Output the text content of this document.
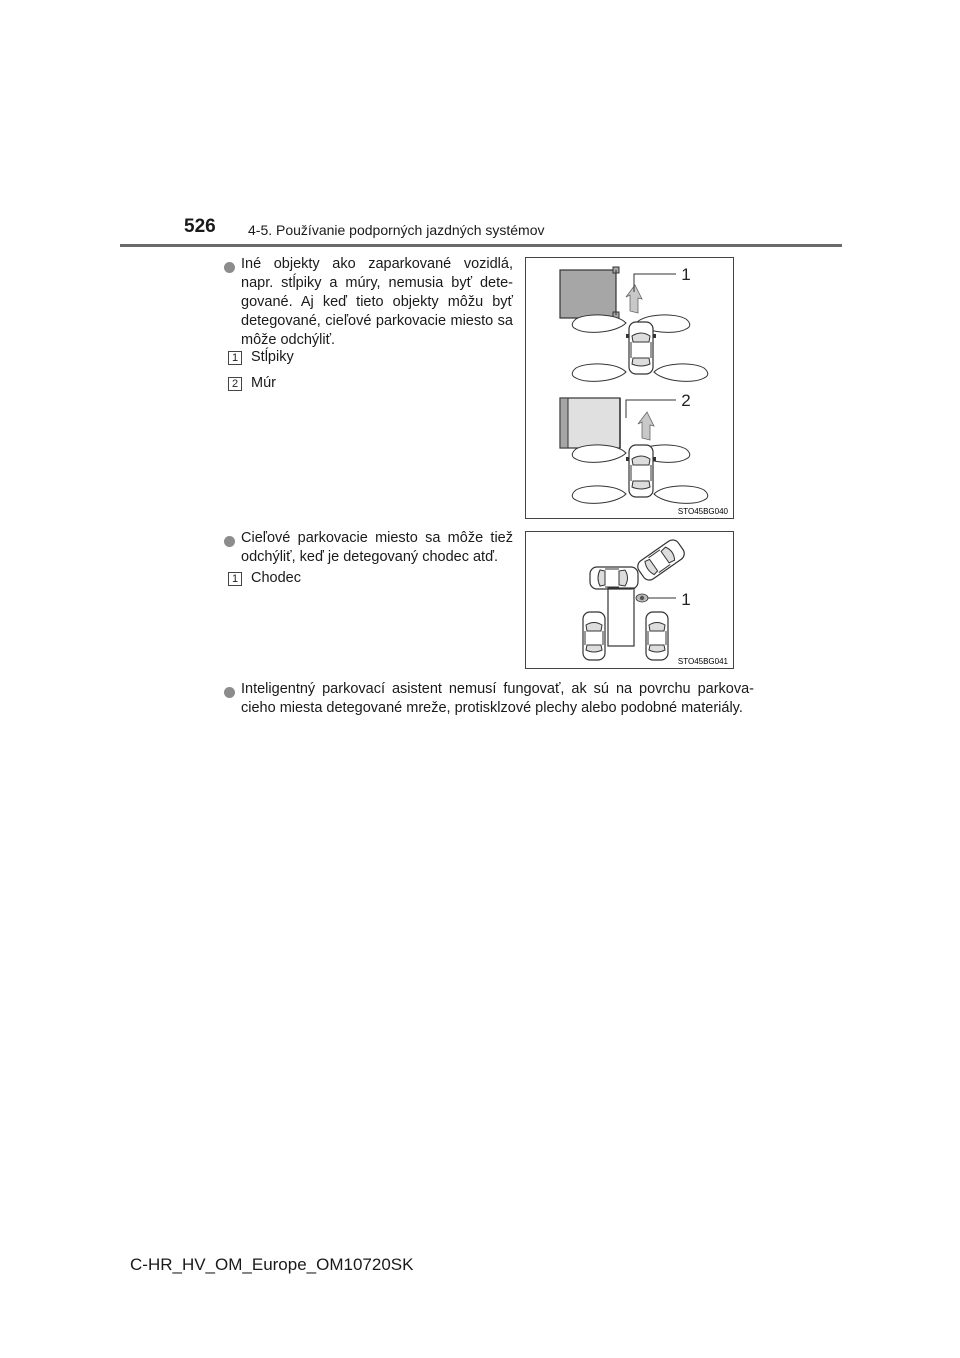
526 4-5. Používanie podporných jazdných systémov
Iné objekty ako zaparkované vozidlá, napr. stĺpiky a múry, nemusia byť dete-gované. Aj keď tieto objekty môžu byť detegované, cieľové parkovacie miesto sa môže odchýliť.
1 Stĺpiky
2 Múr
1
2
STO45BG040
Cieľové parkovacie miesto sa môže tiež odchýliť, keď je detegovaný chodec atď.
1 Chodec
1
STO45BG041
Inteligentný parkovací asistent nemusí fungovať, ak sú na povrchu parkova-cieho miesta detegované mreže, protisklzové plechy alebo podobné materiály.
C-HR_HV_OM_Europe_OM10720SK
